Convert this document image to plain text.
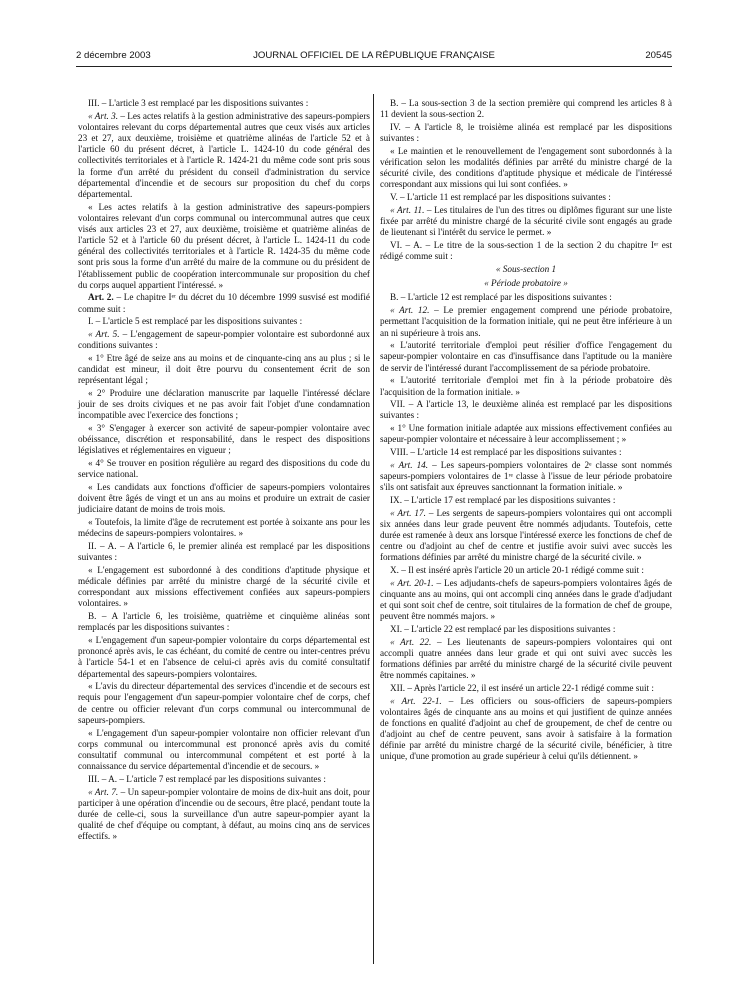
2 décembre 2003	JOURNAL OFFICIEL DE LA RÉPUBLIQUE FRANÇAISE	20545

III. – L'article 3 est remplacé par les dispositions suivantes :

« Art. 3. – Les actes relatifs à la gestion administrative des sapeurs-pompiers volontaires relevant du corps départemental autres que ceux visés aux articles 23 et 27, aux deuxième, troisième et quatrième alinéas de l'article 52 et à l'article 60 du présent décret, à l'article L. 1424-10 du code général des collectivités territoriales et à l'article R. 1424-21 du même code sont pris sous la forme d'un arrêté du président du conseil d'administration du service départemental d'incendie et de secours sur proposition du chef du corps départemental.

« Les actes relatifs à la gestion administrative des sapeurs-pompiers volontaires relevant d'un corps communal ou intercommunal autres que ceux visés aux articles 23 et 27, aux deuxième, troisième et quatrième alinéas de l'article 52 et à l'article 60 du présent décret, à l'article L. 1424-11 du code général des collectivités territoriales et à l'article R. 1424-35 du même code sont pris sous la forme d'un arrêté du maire de la commune ou du président de l'établissement public de coopération intercommunale sur proposition du chef du corps auquel appartient l'intéressé. »

Art. 2. – Le chapitre Iᵉʳ du décret du 10 décembre 1999 susvisé est modifié comme suit :

I. – L'article 5 est remplacé par les dispositions suivantes :

« Art. 5. – L'engagement de sapeur-pompier volontaire est subordonné aux conditions suivantes :

« 1° Etre âgé de seize ans au moins et de cinquante-cinq ans au plus ; si le candidat est mineur, il doit être pourvu du consentement écrit de son représentant légal ;

« 2° Produire une déclaration manuscrite par laquelle l'intéressé déclare jouir de ses droits civiques et ne pas avoir fait l'objet d'une condamnation incompatible avec l'exercice des fonctions ;

« 3° S'engager à exercer son activité de sapeur-pompier volontaire avec obéissance, discrétion et responsabilité, dans le respect des dispositions législatives et réglementaires en vigueur ;

« 4° Se trouver en position régulière au regard des dispositions du code du service national.

« Les candidats aux fonctions d'officier de sapeurs-pompiers volontaires doivent être âgés de vingt et un ans au moins et produire un extrait de casier judiciaire datant de moins de trois mois.

« Toutefois, la limite d'âge de recrutement est portée à soixante ans pour les médecins de sapeurs-pompiers volontaires. »

II. – A. – A l'article 6, le premier alinéa est remplacé par les dispositions suivantes :

« L'engagement est subordonné à des conditions d'aptitude physique et médicale définies par arrêté du ministre chargé de la sécurité civile et correspondant aux missions effectivement confiées aux sapeurs-pompiers volontaires. »

B. – A l'article 6, les troisième, quatrième et cinquième alinéas sont remplacés par les dispositions suivantes :

« L'engagement d'un sapeur-pompier volontaire du corps départemental est prononcé après avis, le cas échéant, du comité de centre ou inter-centres prévu à l'article 54-1 et en l'absence de celui-ci après avis du comité consultatif départemental des sapeurs-pompiers volontaires.

« L'avis du directeur départemental des services d'incendie et de secours est requis pour l'engagement d'un sapeur-pompier volontaire chef de corps, chef de centre ou officier relevant d'un corps communal ou intercommunal de sapeurs-pompiers.

« L'engagement d'un sapeur-pompier volontaire non officier relevant d'un corps communal ou intercommunal est prononcé après avis du comité consultatif communal ou intercommunal compétent et est porté à la connaissance du service départemental d'incendie et de secours. »

III. – A. – L'article 7 est remplacé par les dispositions suivantes :

« Art. 7. – Un sapeur-pompier volontaire de moins de dix-huit ans doit, pour participer à une opération d'incendie ou de secours, être placé, pendant toute la durée de celle-ci, sous la surveillance d'un autre sapeur-pompier ayant la qualité de chef d'équipe ou comptant, à défaut, au moins cinq ans de services effectifs. »

B. – La sous-section 3 de la section première qui comprend les articles 8 à 11 devient la sous-section 2.

IV. – A l'article 8, le troisième alinéa est remplacé par les dispositions suivantes :

« Le maintien et le renouvellement de l'engagement sont subordonnés à la vérification selon les modalités définies par arrêté du ministre chargé de la sécurité civile, des conditions d'aptitude physique et médicale de l'intéressé correspondant aux missions qui lui sont confiées. »

V. – L'article 11 est remplacé par les dispositions suivantes :

« Art. 11. – Les titulaires de l'un des titres ou diplômes figurant sur une liste fixée par arrêté du ministre chargé de la sécurité civile sont engagés au grade de lieutenant si l'intérêt du service le permet. »

VI. – A. – Le titre de la sous-section 1 de la section 2 du chapitre Iᵉʳ est rédigé comme suit :

« Sous-section 1

« Période probatoire »

B. – L'article 12 est remplacé par les dispositions suivantes :

« Art. 12. – Le premier engagement comprend une période probatoire, permettant l'acquisition de la formation initiale, qui ne peut être inférieure à un an ni supérieure à trois ans.

« L'autorité territoriale d'emploi peut résilier d'office l'engagement du sapeur-pompier volontaire en cas d'insuffisance dans l'aptitude ou la manière de servir de l'intéressé durant l'accomplissement de sa période probatoire.

« L'autorité territoriale d'emploi met fin à la période probatoire dès l'acquisition de la formation initiale. »

VII. – A l'article 13, le deuxième alinéa est remplacé par les dispositions suivantes :

« 1° Une formation initiale adaptée aux missions effectivement confiées au sapeur-pompier volontaire et nécessaire à leur accomplissement ; »

VIII. – L'article 14 est remplacé par les dispositions suivantes :

« Art. 14. – Les sapeurs-pompiers volontaires de 2ᵉ classe sont nommés sapeurs-pompiers volontaires de 1ʳᵉ classe à l'issue de leur période probatoire s'ils ont satisfait aux épreuves sanctionnant la formation initiale. »

IX. – L'article 17 est remplacé par les dispositions suivantes :

« Art. 17. – Les sergents de sapeurs-pompiers volontaires qui ont accompli six années dans leur grade peuvent être nommés adjudants. Toutefois, cette durée est ramenée à deux ans lorsque l'intéressé exerce les fonctions de chef de centre ou d'adjoint au chef de centre et justifie avoir suivi avec succès les formations définies par arrêté du ministre chargé de la sécurité civile. »

X. – Il est inséré après l'article 20 un article 20-1 rédigé comme suit :

« Art. 20-1. – Les adjudants-chefs de sapeurs-pompiers volontaires âgés de cinquante ans au moins, qui ont accompli cinq années dans le grade d'adjudant et qui sont soit chef de centre, soit titulaires de la formation de chef de groupe, peuvent être nommés majors. »

XI. – L'article 22 est remplacé par les dispositions suivantes :

« Art. 22. – Les lieutenants de sapeurs-pompiers volontaires qui ont accompli quatre années dans leur grade et qui ont suivi avec succès les formations définies par arrêté du ministre chargé de la sécurité civile peuvent être nommés capitaines. »

XII. – Après l'article 22, il est inséré un article 22-1 rédigé comme suit :

« Art. 22-1. – Les officiers ou sous-officiers de sapeurs-pompiers volontaires âgés de cinquante ans au moins et qui justifient de quinze années de fonctions en qualité d'adjoint au chef de groupement, de chef de centre ou d'adjoint au chef de centre peuvent, sans avoir à satisfaire à la formation définie par arrêté du ministre chargé de la sécurité civile, bénéficier, à titre unique, d'une promotion au grade supérieur à celui qu'ils détiennent. »
